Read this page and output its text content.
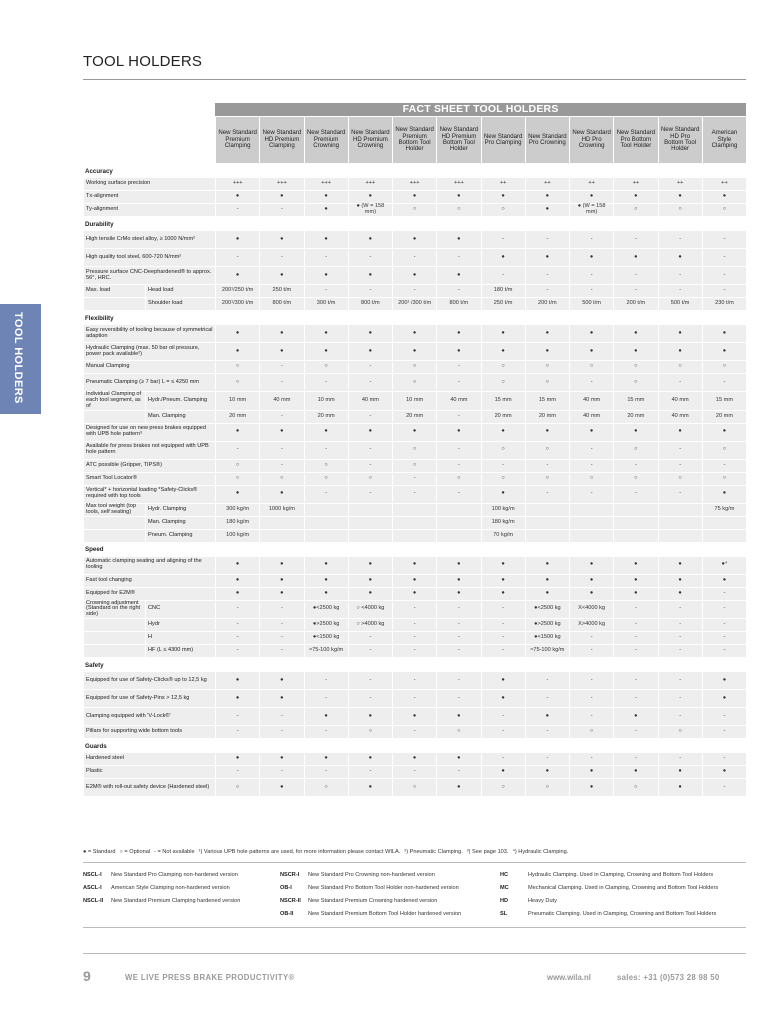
TOOL HOLDERS
TOOL HOLDERS
		FACT SHEET TOOL HOLDERS											
		New Standard Premium Clamping	New Standard HD Premium Clamping	New Standard Premium Crowning	New Standard HD Premium Crowning	New Standard Premium Bottom Tool Holder	New Standard HD Premium Bottom Tool Holder	New Standard Pro Clamping	New Standard Pro Crowning	New Standard HD Pro Crowning	New Standard Pro Bottom Tool Holder	New Standard HD Pro Bottom Tool Holder	American Style Clamping
Accuracy													
Working surface precision		+++	+++	+++	+++	+++	+++	++	++	++	++	++	++
Tx-alignment		●	●	●	●	●	●	●	●	●	●	●	●
Ty-alignment		-	-	●	● (W = 158 mm)	○	○	○	●	● (W = 158 mm)	○	○	○
Durability													
High tensile CrMo steel alloy, ≥ 1000 N/mm²		●	●	●	●	●	●	-	-	-	-	-	-
High quality tool steel, 600-720 N/mm²		-	-	-	-	-	-	●	●	●	●	●	-
Pressure surface CNC-Deephardened® to approx. 56°, HRC.		●	●	●	●	●	●	-	-	-	-	-	-
Max. load	Head load	200¹/250 t/m	250 t/m	-	-	-	-	180 t/m	-	-	-	-	-
	Shoulder load	200¹/300 t/m	800 t/m	300 t/m	800 t/m	200¹ /300 t/m	800 t/m	250 t/m	200 t/m	500 t/m	200 t/m	500 t/m	230 t/m
Flexibility													
Easy reversibility of tooling because of symmetrical adaption		●	●	●	●	●	●	●	●	●	●	●	●
Hydraulic Clamping (max. 50 bar oil pressure, power pack available²)		●	●	●	●	●	●	●	●	●	●	●	●
Manual Clamping		○	-	○	-	○	-	○	○	○	○	○	○
Pneumatic Clamping (≥ 7 bar) L = ≤ 4250 mm		○	-	-	-	○	-	○	○	-	○	-	-
Individual Clamping of each tool segment, as of	Hydr./Pneum. Clamping	10 mm	40 mm	10 mm	40 mm	10 mm	40 mm	15 mm	15 mm	40 mm	15 mm	40 mm	15 mm
	Man. Clamping	20 mm	-	20 mm	-	20 mm	-	20 mm	20 mm	40 mm	20 mm	40 mm	20 mm
Designed for use on new press brakes equipped with UPB hole pattern³		●	●	●	●	●	●	●	●	●	●	●	●
Available for press brakes not equipped with UPB hole pattern		-	-	-	-	○	-	○	○	-	○	-	○
ATC possible (Gripper, TIPS®)		○	-	○	-	○	-	-	-	-	-	-	-
Smart Tool Locator®		○	○	○	○	-	○	○	○	○	○	○	○
Vertical* + horizontal loading *Safety-Clicks® required with top tools		●	●	-	-	-	-	●	-	-	-	-	●
Max tool weight (top tools, self seating)	Hydr. Clamping	300 kg/m	1000 kg/m					100 kg/m					75 kg/m
	Man. Clamping	180 kg/m						180 kg/m					
	Pneum. Clamping	100 kg/m						70 kg/m					
Speed													
Automatic clamping seating and aligning of the tooling		●	●	●	●	●	●	●	●	●	●	●	●⁴
Fast tool changing		●	●	●	●	●	●	●	●	●	●	●	●
Equipped for E2M®		●	●	●	●	●	●	●	●	●	●	●	-
Crowning adjustment (Standard on the right side)	CNC	-	-	●<2500 kg	○ <4000 kg	-	-	-	●<2500 kg	X<4000 kg	-	-	-
	Hydr	-	-	●>2500 kg	○ >4000 kg	-	-	-	●>2500 kg	X>4000 kg	-	-	-
	H	-	-	●<1500 kg	-	-	-	-	●<1500 kg	-	-	-	-
	HF (L ≤ 4300 mm)	-	-	≈75-100 kg/m	-	-	-	-	≈75-100 kg/m	-	-	-	-
Safety													
Equipped for use of Safety-Clicks® up to 12,5 kg		●	●	-	-	-	-	●	-	-	-	-	●
Equipped for use of Safety-Pins > 12,5 kg		●	●	-	-	-	-	●	-	-	-	-	●
Clamping equipped with 'V-Lock®'		-	-	●	●	●	●	-	●	-	●	-	-
Pillars for supporting wide bottom tools		-	-	-	○	-	○	-	-	○	-	○	-
Guards													
Hardened steel		●	●	●	●	●	●	-	-	-	-	-	-
Plastic		-	-	-	-	-	-	●	●	●	●	●	●
E2M® with roll-out safety device (Hardened steel)		○	●	○	●	○	●	○	○	●	○	●	-
● = Standard ○ = Optional - = Not available ¹) Various UPB hole patterns are used, for more information please contact WILA. ²) Pneumatic Clamping. ³) See page 103. ⁴) Hydraulic Clamping.
NSCL-I New Standard Pro Clamping non-hardened version
ASCL-I American Style Clamping non-hardened version
NSCL-II New Standard Premium Clamping hardened version
NSCR-I New Standard Pro Crowning non-hardened version
OB-I	New Standard Pro Bottom Tool Holder non-hardened version
NSCR-II New Standard Premium Crowning hardened version
OB-II	New Standard Premium Bottom Tool Holder hardened version
HC	Hydraulic Clamping. Used in Clamping, Crowning and Bottom Tool Holders
MC	Mechanical Clamping. Used in Clamping, Crowning and Bottom Tool Holders
HD	Heavy Duty
SL	Pneumatic Clamping. Used in Clamping, Crowning and Bottom Tool Holders
9	WE LIVE PRESS BRAKE PRODUCTIVITY®	www.wila.nl	sales: +31 (0)573 28 98 50
